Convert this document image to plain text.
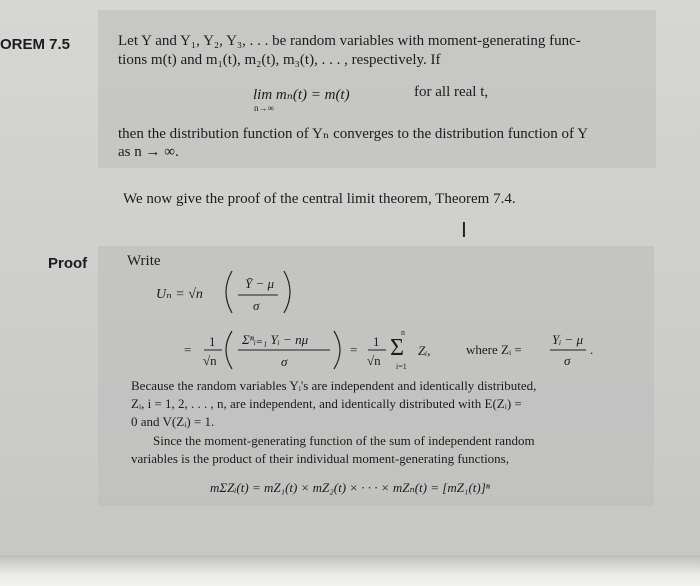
OREM 7.5	Let Y and Y₁, Y₂, Y₃, . . . be random variables with moment-generating func-
tions m(t) and m₁(t), m₂(t), m₃(t), . . . , respectively. If
lim mₙ(t) = m(t)
n→∞
for all real t,
then the distribution function of Yₙ converges to the distribution function of Y
as n → ∞.
We now give the proof of the central limit theorem, Theorem 7.4.
I
Proof	Write
Uₙ = √n
Ȳ − μ
σ
=
1
√n
Σⁿᵢ₌₁ Yᵢ − nμ
σ
=
1
√n
n
Σ
i=1
Zᵢ,	where Zᵢ =
Yᵢ − μ
σ
.
Because the random variables Yᵢ's are independent and identically distributed,
Zᵢ, i = 1, 2, . . . , n, are independent, and identically distributed with E(Zᵢ) =
0 and V(Zᵢ) = 1.
Since the moment-generating function of the sum of independent random
variables is the product of their individual moment-generating functions,
mΣZᵢ(t) = mZ₁(t) × mZ₂(t) × · · · × mZₙ(t) = [mZ₁(t)]ⁿ
